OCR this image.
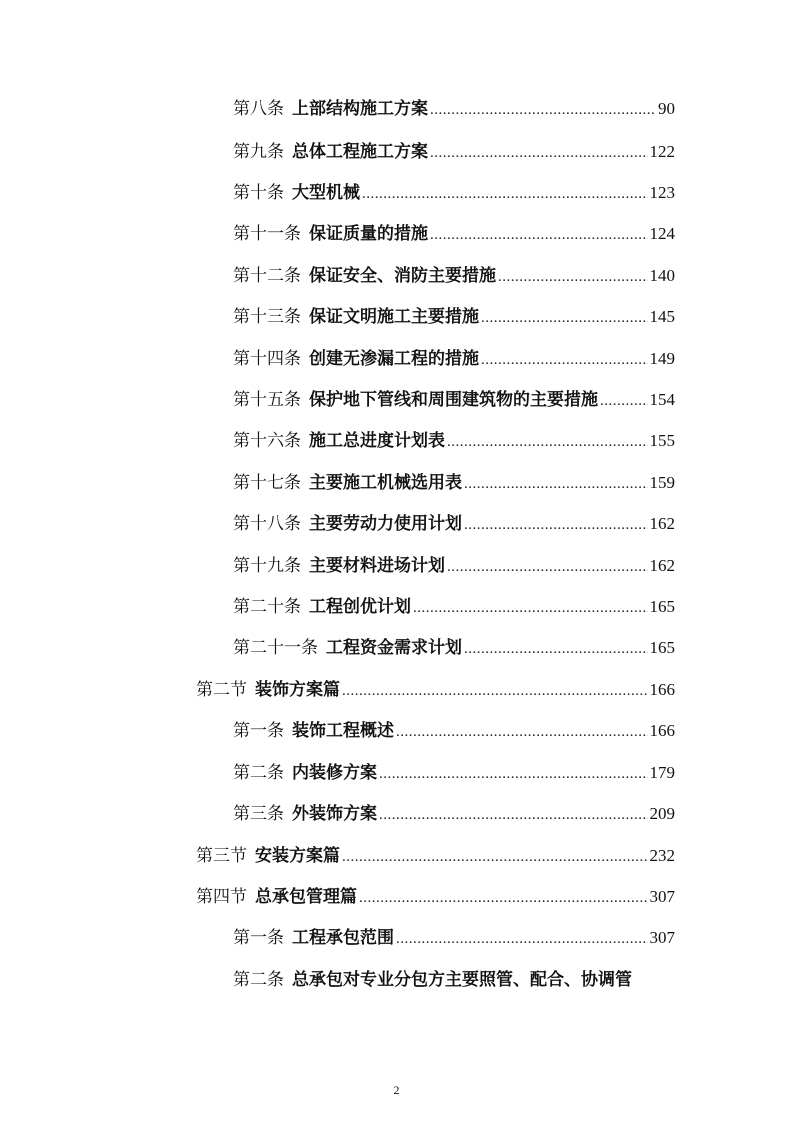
第八条 上部结构施工方案 .....	90
第九条 总体工程施工方案 .....	122
第十条 大型机械 .....	123
第十一条 保证质量的措施 .....	124
第十二条 保证安全、消防主要措施 .....	140
第十三条 保证文明施工主要措施 .....	145
第十四条 创建无渗漏工程的措施 .....	149
第十五条 保护地下管线和周围建筑物的主要措施 .....	154
第十六条 施工总进度计划表 .....	155
第十七条 主要施工机械选用表 .....	159
第十八条 主要劳动力使用计划 .....	162
第十九条 主要材料进场计划 .....	162
第二十条 工程创优计划 .....	165
第二十一条 工程资金需求计划 .....	165
第二节 装饰方案篇 .....	166
第一条 装饰工程概述 .....	166
第二条 内装修方案 .....	179
第三条 外装饰方案 .....	209
第三节 安装方案篇 .....	232
第四节 总承包管理篇 .....	307
第一条 工程承包范围 .....	307
第二条 总承包对专业分包方主要照管、配合、协调管
2
